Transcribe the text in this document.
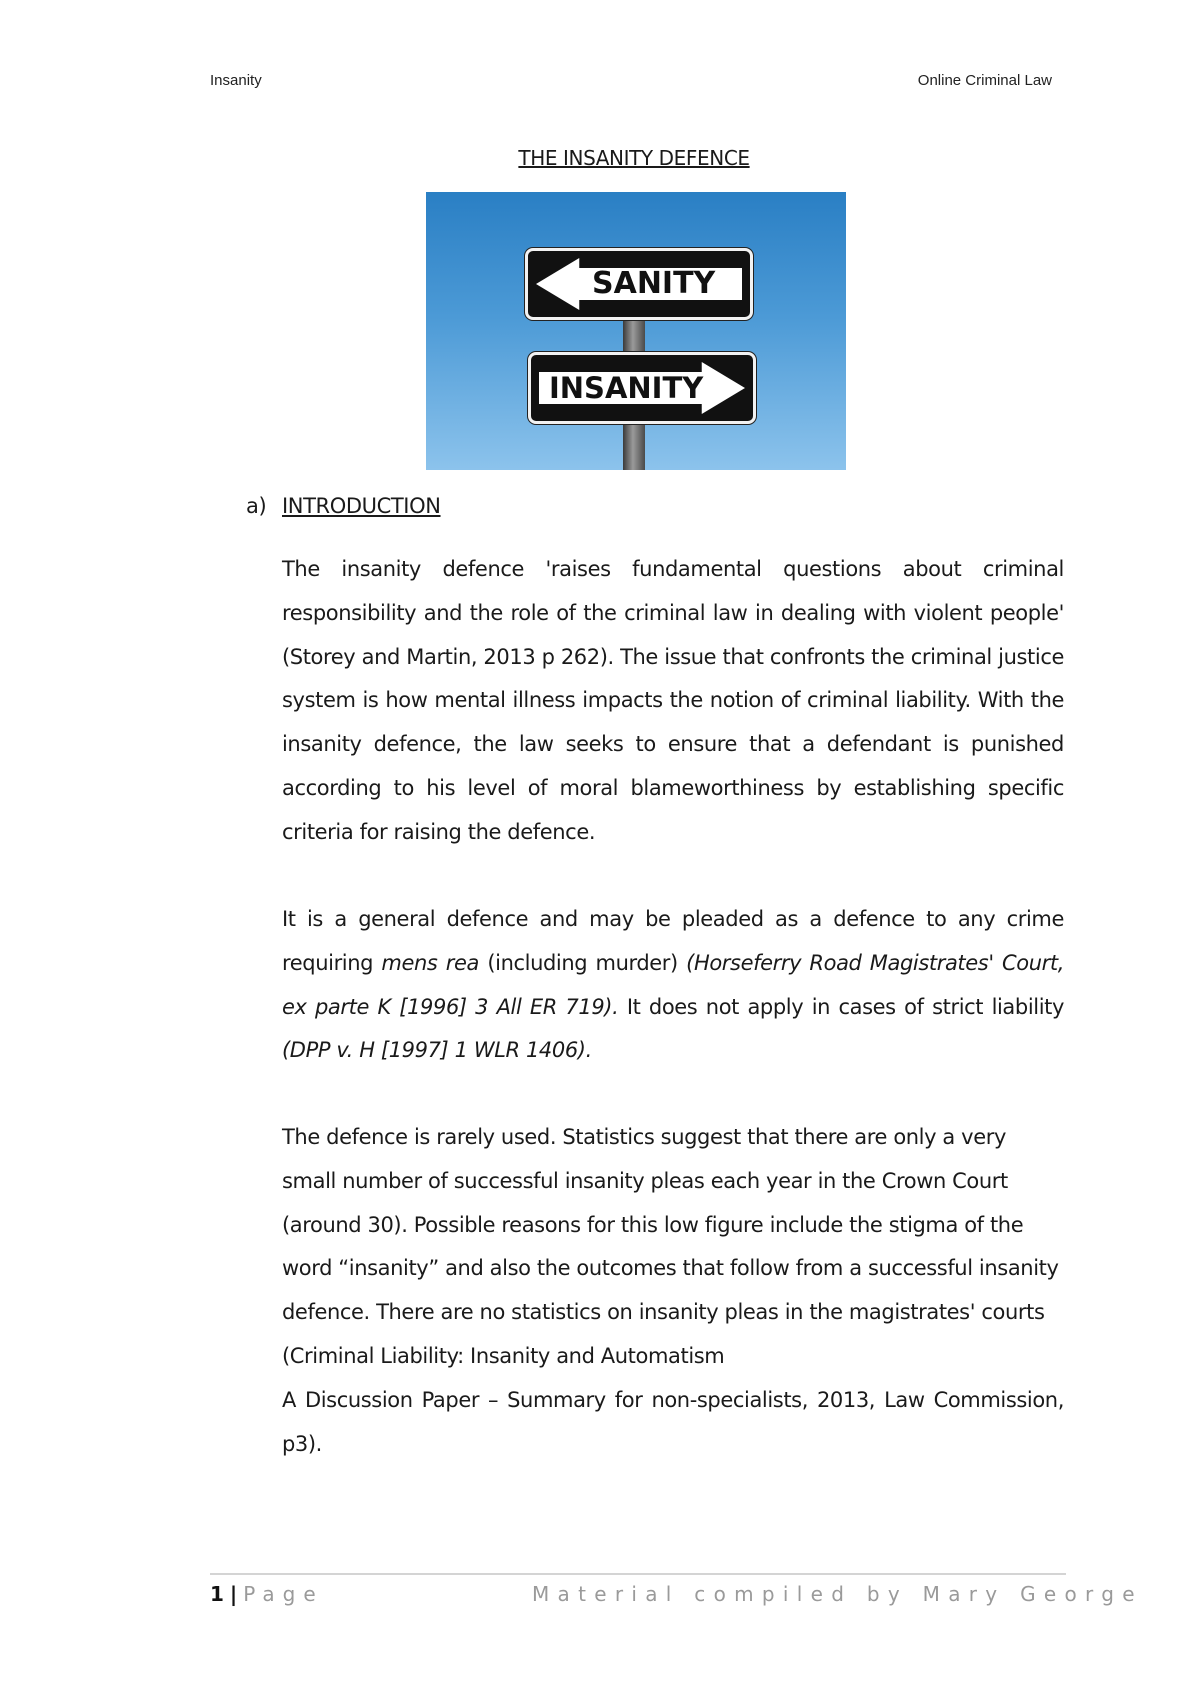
Insanity	Online Criminal Law
THE INSANITY DEFENCE
SANITY
INSANITY
a) INTRODUCTION

The insanity defence 'raises fundamental questions about criminal responsibility and the role of the criminal law in dealing with violent people' (Storey and Martin, 2013 p 262). The issue that confronts the criminal justice system is how mental illness impacts the notion of criminal liability. With the insanity defence, the law seeks to ensure that a defendant is punished according to his level of moral blameworthiness by establishing specific criteria for raising the defence.

It is a general defence and may be pleaded as a defence to any crime requiring mens rea (including murder) (Horseferry Road Magistrates' Court, ex parte K [1996] 3 All ER 719). It does not apply in cases of strict liability (DPP v. H [1997] 1 WLR 1406).

The defence is rarely used. Statistics suggest that there are only a very small number of successful insanity pleas each year in the Crown Court (around 30). Possible reasons for this low figure include the stigma of the word “insanity” and also the outcomes that follow from a successful insanity defence. There are no statistics on insanity pleas in the magistrates' courts (Criminal Liability: Insanity and Automatism

A Discussion Paper – Summary for non-specialists, 2013, Law Commission, p3).

1 | Page	Material compiled by Mary George
